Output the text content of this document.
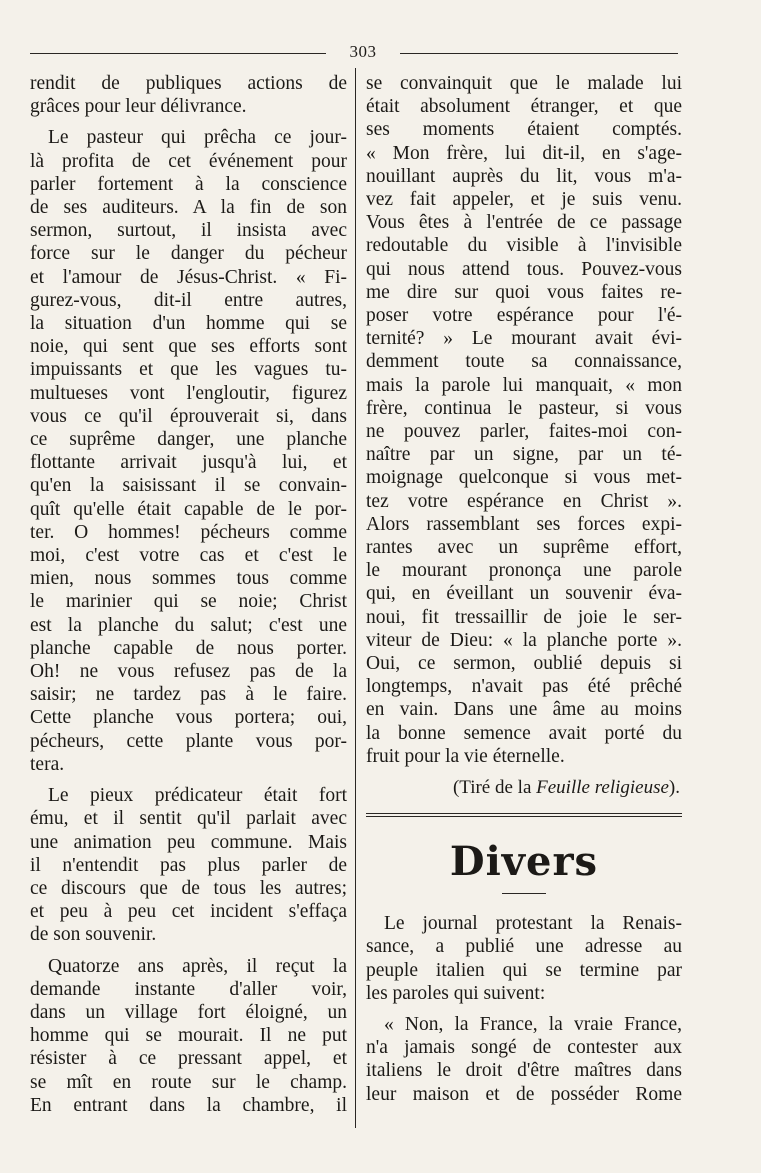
303
rendit de publiques actions de
grâces pour leur délivrance.
Le pasteur qui prêcha ce jour-
là profita de cet événement pour
parler fortement à la conscience
de ses auditeurs. A la fin de son
sermon, surtout, il insista avec
force sur le danger du pécheur
et l'amour de Jésus-Christ. « Fi-
gurez-vous, dit-il entre autres,
la situation d'un homme qui se
noie, qui sent que ses efforts sont
impuissants et que les vagues tu-
multueses vont l'engloutir, figurez
vous ce qu'il éprouverait si, dans
ce suprême danger, une planche
flottante arrivait jusqu'à lui, et
qu'en la saisissant il se convain-
quît qu'elle était capable de le por-
ter. O hommes! pécheurs comme
moi, c'est votre cas et c'est le
mien, nous sommes tous comme
le marinier qui se noie; Christ
est la planche du salut; c'est une
planche capable de nous porter.
Oh! ne vous refusez pas de la
saisir; ne tardez pas à le faire.
Cette planche vous portera; oui,
pécheurs, cette plante vous por-
tera.
Le pieux prédicateur était fort
ému, et il sentit qu'il parlait avec
une animation peu commune. Mais
il n'entendit pas plus parler de
ce discours que de tous les autres;
et peu à peu cet incident s'effaça
de son souvenir.
Quatorze ans après, il reçut la
demande instante d'aller voir,
dans un village fort éloigné, un
homme qui se mourait. Il ne put
résister à ce pressant appel, et
se mît en route sur le champ.
En entrant dans la chambre, il
se convainquit que le malade lui
était absolument étranger, et que
ses moments étaient comptés.
« Mon frère, lui dit-il, en s'age-
nouillant auprès du lit, vous m'a-
vez fait appeler, et je suis venu.
Vous êtes à l'entrée de ce passage
redoutable du visible à l'invisible
qui nous attend tous. Pouvez-vous
me dire sur quoi vous faites re-
poser votre espérance pour l'é-
ternité? » Le mourant avait évi-
demment toute sa connaissance,
mais la parole lui manquait, « mon
frère, continua le pasteur, si vous
ne pouvez parler, faites-moi con-
naître par un signe, par un té-
moignage quelconque si vous met-
tez votre espérance en Christ ».
Alors rassemblant ses forces expi-
rantes avec un suprême effort,
le mourant prononça une parole
qui, en éveillant un souvenir éva-
noui, fit tressaillir de joie le ser-
viteur de Dieu: « la planche porte ».
Oui, ce sermon, oublié depuis si
longtemps, n'avait pas été prêché
en vain. Dans une âme au moins
la bonne semence avait porté du
fruit pour la vie éternelle.
(Tiré de la Feuille religieuse).
Divers
Le journal protestant la Renais-
sance, a publié une adresse au
peuple italien qui se termine par
les paroles qui suivent:
« Non, la France, la vraie France,
n'a jamais songé de contester aux
italiens le droit d'être maîtres dans
leur maison et de posséder Rome
